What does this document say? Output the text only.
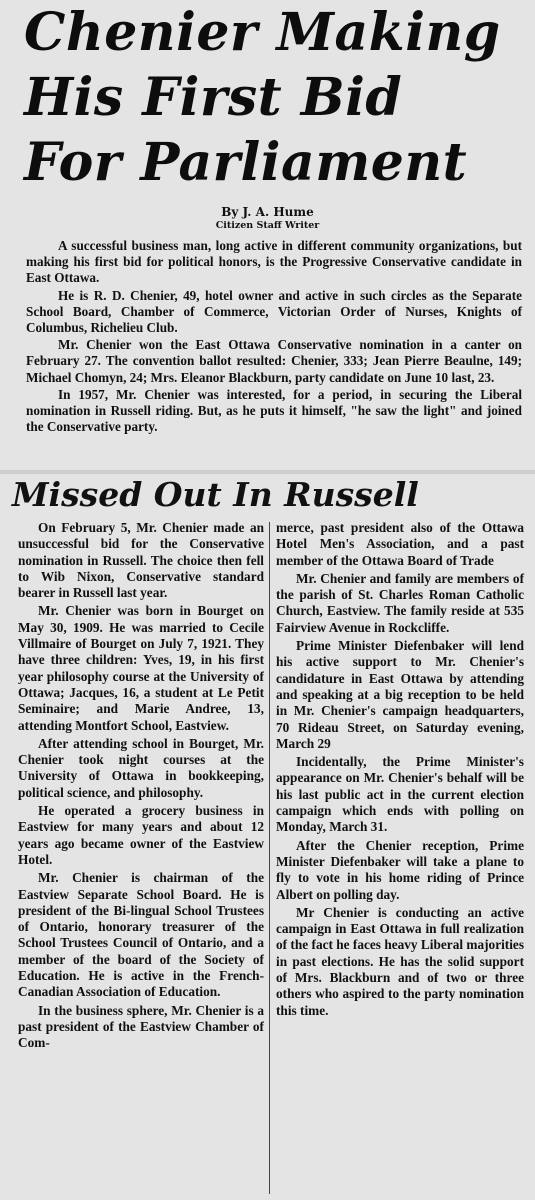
Chenier Making
His First Bid
For Parliament
By J. A. Hume
Citizen Staff Writer

A successful business man, long active in different community organizations, but making his first bid for political honors, is the Progressive Conservative candidate in East Ottawa.

He is R. D. Chenier, 49, hotel owner and active in such circles as the Separate School Board, Chamber of Commerce, Victorian Order of Nurses, Knights of Columbus, Richelieu Club.

Mr. Chenier won the East Ottawa Conservative nomination in a canter on February 27. The convention ballot resulted: Chenier, 333; Jean Pierre Beaulne, 149; Michael Chomyn, 24; Mrs. Eleanor Blackburn, party candidate on June 10 last, 23.

In 1957, Mr. Chenier was interested, for a period, in securing the Liberal nomination in Russell riding. But, as he puts it himself, "he saw the light" and joined the Conservative party.

Missed Out In Russell

On February 5, Mr. Chenier made an unsuccessful bid for the Conservative nomination in Russell. The choice then fell to Wib Nixon, Conservative standard bearer in Russell last year.

Mr. Chenier was born in Bourget on May 30, 1909. He was married to Cecile Villmaire of Bourget on July 7, 1921. They have three children: Yves, 19, in his first year philosophy course at the University of Ottawa; Jacques, 16, a student at Le Petit Seminaire; and Marie Andree, 13, attending Montfort School, Eastview.

After attending school in Bourget, Mr. Chenier took night courses at the University of Ottawa in bookkeeping, political science, and philosophy.

He operated a grocery business in Eastview for many years and about 12 years ago became owner of the Eastview Hotel.

Mr. Chenier is chairman of the Eastview Separate School Board. He is president of the Bi-lingual School Trustees of Ontario, honorary treasurer of the School Trustees Council of Ontario, and a member of the board of the Society of Education. He is active in the French-Canadian Association of Education.

In the business sphere, Mr. Chenier is a past president of the Eastview Chamber of Com-

merce, past president also of the Ottawa Hotel Men's Association, and a past member of the Ottawa Board of Trade

Mr. Chenier and family are members of the parish of St. Charles Roman Catholic Church, Eastview. The family reside at 535 Fairview Avenue in Rockcliffe.

Prime Minister Diefenbaker will lend his active support to Mr. Chenier's candidature in East Ottawa by attending and speaking at a big reception to be held in Mr. Chenier's campaign headquarters, 70 Rideau Street, on Saturday evening, March 29

Incidentally, the Prime Minister's appearance on Mr. Chenier's behalf will be his last public act in the current election campaign which ends with polling on Monday, March 31.

After the Chenier reception, Prime Minister Diefenbaker will take a plane to fly to vote in his home riding of Prince Albert on polling day.

Mr Chenier is conducting an active campaign in East Ottawa in full realization of the fact he faces heavy Liberal majorities in past elections. He has the solid support of Mrs. Blackburn and of two or three others who aspired to the party nomination this time.
